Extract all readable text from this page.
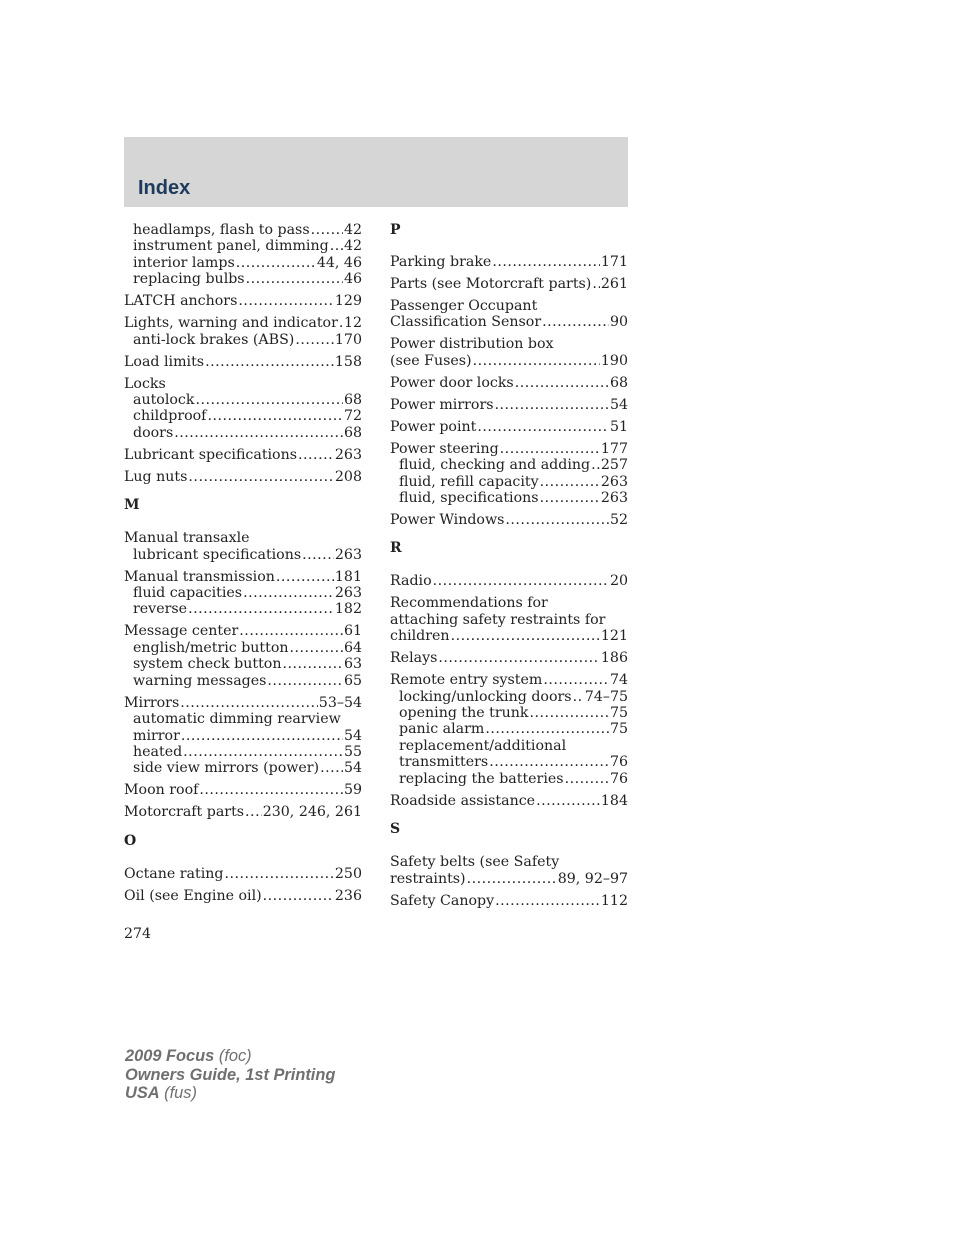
Index
headlamps, flash to pass ..... 42
instrument panel, dimming ..... 42
interior lamps .....	44, 46
replacing bulbs .....	46
LATCH anchors .....	129
Lights, warning and indicator ..... 12
anti-lock brakes (ABS) .....	170
Load limits .....	158
Locks
autolock .....	68
childproof .....	72
doors .....	68
Lubricant specifications .....	263
Lug nuts .....	208
M
Manual transaxle
lubricant specifications ..... 263
Manual transmission .....	181
fluid capacities .....	263
reverse .....	182
Message center .....	61
english/metric button .....	64
system check button .....	63
warning messages .....	65
Mirrors .....	53–54
automatic dimming rearview
mirror .....	54
heated .....	55
side view mirrors (power) ..... 54
Moon roof .....	59
Motorcraft parts ..... 230, 246, 261
O
Octane rating .....	250
Oil (see Engine oil) .....	236
P
Parking brake .....	171
Parts (see Motorcraft parts) ..... 261
Passenger Occupant
Classification Sensor .....	90
Power distribution box
(see Fuses) .....	190
Power door locks .....	68
Power mirrors .....	54
Power point .....	51
Power steering .....	177
fluid, checking and adding ..... 257
fluid, refill capacity .....	263
fluid, specifications .....	263
Power Windows .....	52
R
Radio .....	20
Recommendations for
attaching safety restraints for
children .....	121
Relays .....	186
Remote entry system .....	74
locking/unlocking doors ..... 74–75
opening the trunk .....	75
panic alarm .....	75
replacement/additional
transmitters .....	76
replacing the batteries .....	76
Roadside assistance .....	184
S
Safety belts (see Safety
restraints) .....	89, 92–97
Safety Canopy .....	112
274
2009 Focus (foc)
Owners Guide, 1st Printing
USA (fus)
